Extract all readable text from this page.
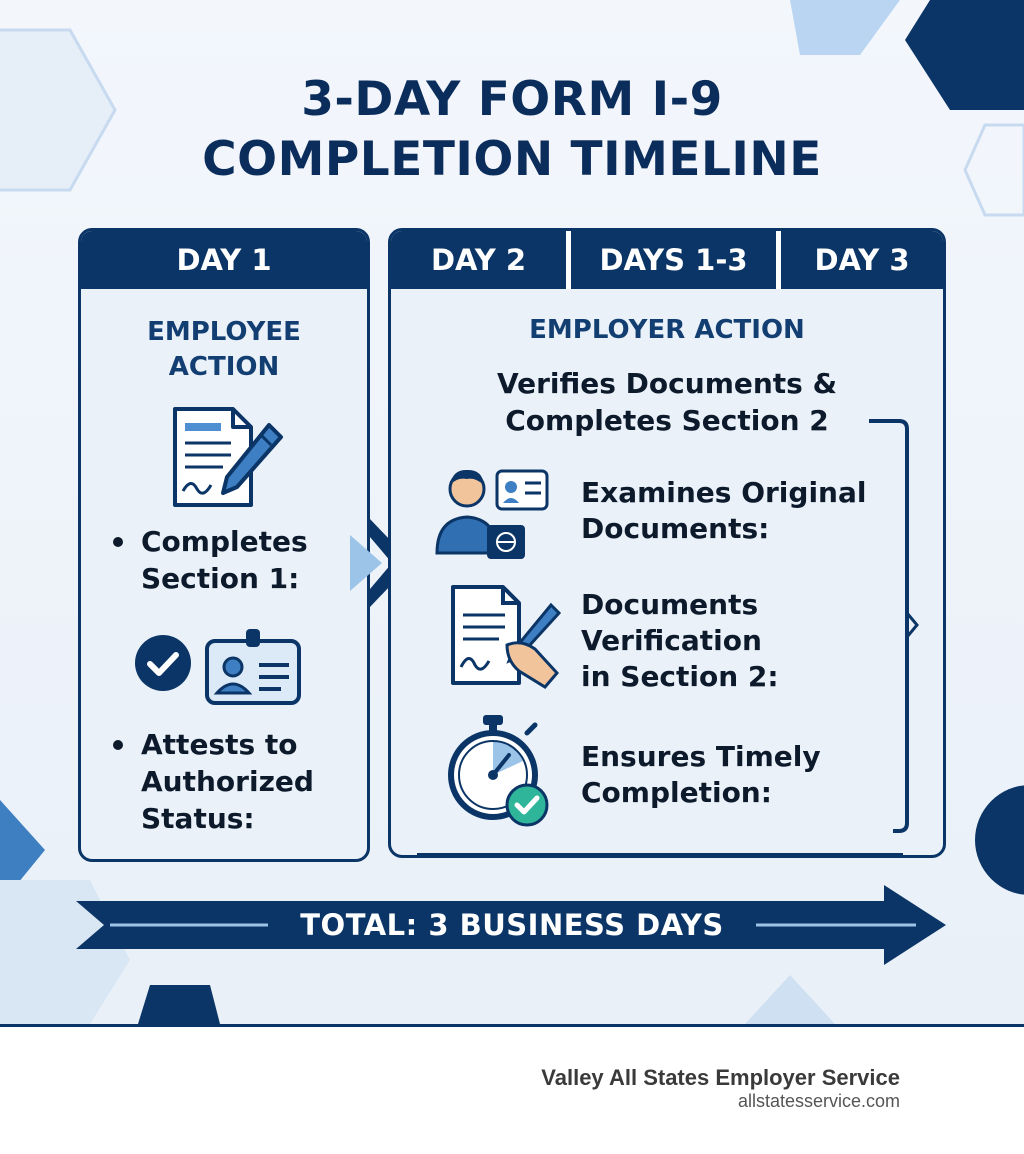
3-DAY FORM I-9
COMPLETION TIMELINE
DAY 1
EMPLOYEE
ACTION
Completes
Section 1:
Attests to
Authorized
Status:
DAY 2	DAYS 1-3	DAY 3
EMPLOYER ACTION
Verifies Documents &
Completes Section 2
Examines Original
Documents:
Documents
Verification
in Section 2:
Ensures Timely
Completion:
TOTAL: 3 BUSINESS DAYS
Valley All States Employer Service
allstatesservice.com
